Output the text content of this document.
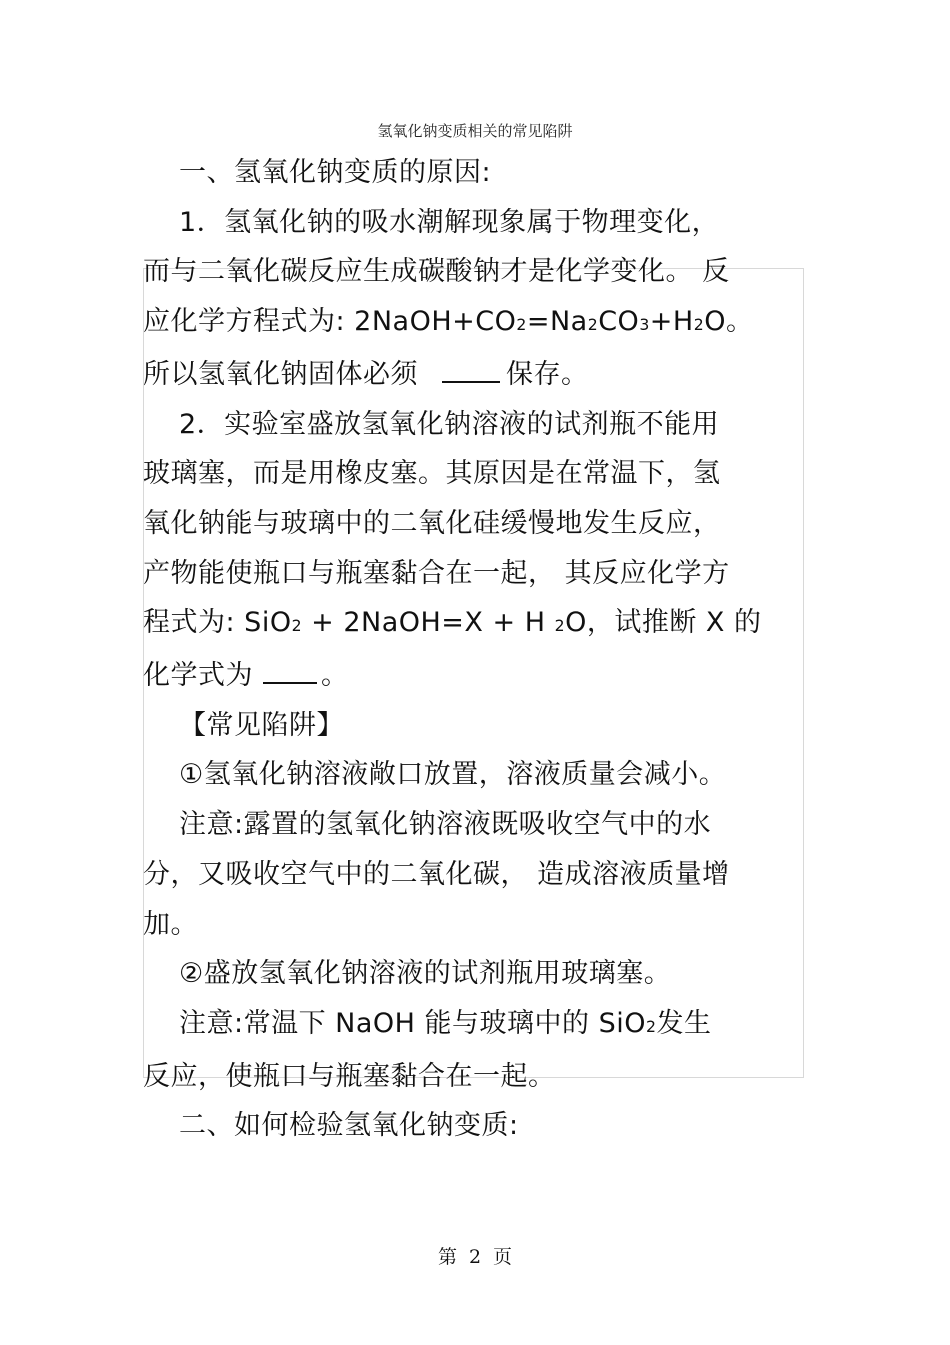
氢氧化钠变质相关的常见陷阱

一、氢氧化钠变质的原因:

1．氢氧化钠的吸水潮解现象属于物理变化，

而与二氧化碳反应生成碳酸钠才是化学变化。 反

应化学方程式为: 2NaOH+CO2=Na2CO3+H2O。

所以氢氧化钠固体必须	保存。

2．实验室盛放氢氧化钠溶液的试剂瓶不能用

玻璃塞，而是用橡皮塞。其原因是在常温下，氢

氧化钠能与玻璃中的二氧化硅缓慢地发生反应，

产物能使瓶口与瓶塞黏合在一起， 其反应化学方

程式为: SiO2 + 2NaOH=X + H 2O，试推断 X 的

化学式为	。

【常见陷阱】

①氢氧化钠溶液敞口放置，溶液质量会减小。

注意:露置的氢氧化钠溶液既吸收空气中的水

分，又吸收空气中的二氧化碳， 造成溶液质量增

加。

②盛放氢氧化钠溶液的试剂瓶用玻璃塞。

注意:常温下 NaOH 能与玻璃中的 SiO2发生

反应，使瓶口与瓶塞黏合在一起。

二、如何检验氢氧化钠变质:

第 2 页
